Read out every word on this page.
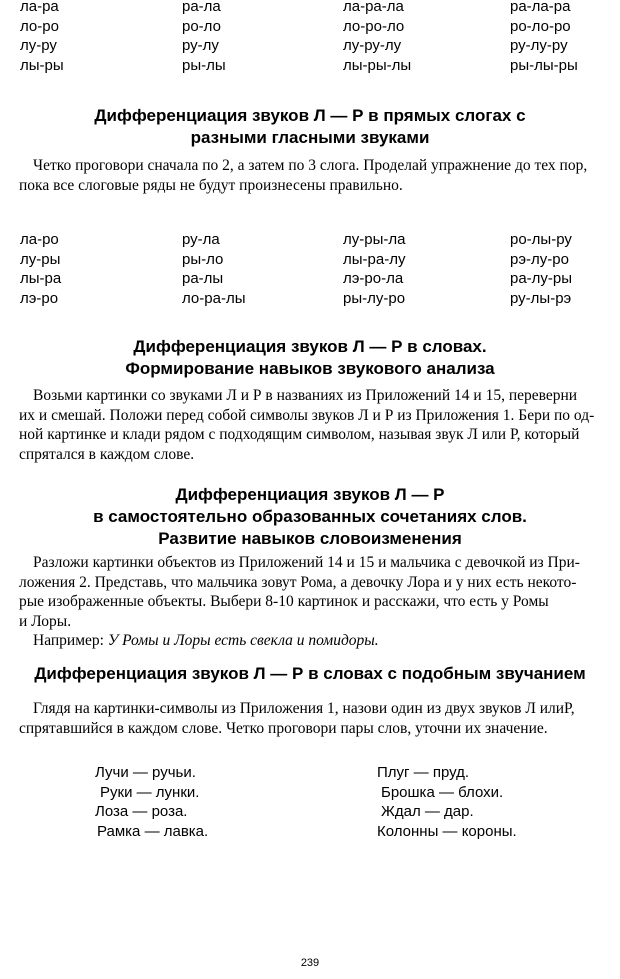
ла-ра	ра-ла	ла-ра-ла	ра-ла-ра
ло-ро	ро-ло	ло-ро-ло	ро-ло-ро
лу-ру	ру-лу	лу-ру-лу	ру-лу-ру
лы-ры	ры-лы	лы-ры-лы	ры-лы-ры
Дифференциация звуков Л — Р в прямых слогах с
разными гласными звуками
Четко проговори сначала по 2, а затем по 3 слога. Проделай упражнение до тех пор,
пока все слоговые ряды не будут произнесены правильно.
ла-ро	ру-ла	лу-ры-ла	ро-лы-ру
лу-ры	ры-ло	лы-ра-лу	рэ-лу-ро
лы-ра	ра-лы	лэ-ро-ла	ра-лу-ры
лэ-ро	ло-ра-лы	ры-лу-ро	ру-лы-рэ
Дифференциация звуков Л — Р в словах.
Формирование навыков звукового анализа
Возьми картинки со звуками Л и Р в названиях из Приложений 14 и 15, переверни
их и смешай. Положи перед собой символы звуков Л и Р из Приложения 1. Бери по од-
ной картинке и клади рядом с подходящим символом, называя звук Л или Р, который
спрятался в каждом слове.
Дифференциация звуков Л — Р
в самостоятельно образованных сочетаниях слов.
Развитие навыков словоизменения
Разложи картинки объектов из Приложений 14 и 15 и мальчика с девочкой из При-
ложения 2. Представь, что мальчика зовут Рома, а девочку Лора и у них есть некото-
рые изображенные объекты. Выбери 8-10 картинок и расскажи, что есть у Ромы
и Лоры.
Например: У Ромы и Лоры есть свекла и помидоры.
Дифференциация звуков Л — Р в словах с подобным звучанием
Глядя на картинки-символы из Приложения 1, назови один из двух звуков Л илиР,
спрятавшийся в каждом слове. Четко проговори пары слов, уточни их значение.
Лучи — ручьи.	Плуг — пруд.
Руки — лунки.	Брошка — блохи.
Лоза — роза.	Ждал — дар.
Рамка — лавка.	Колонны — короны.
239
